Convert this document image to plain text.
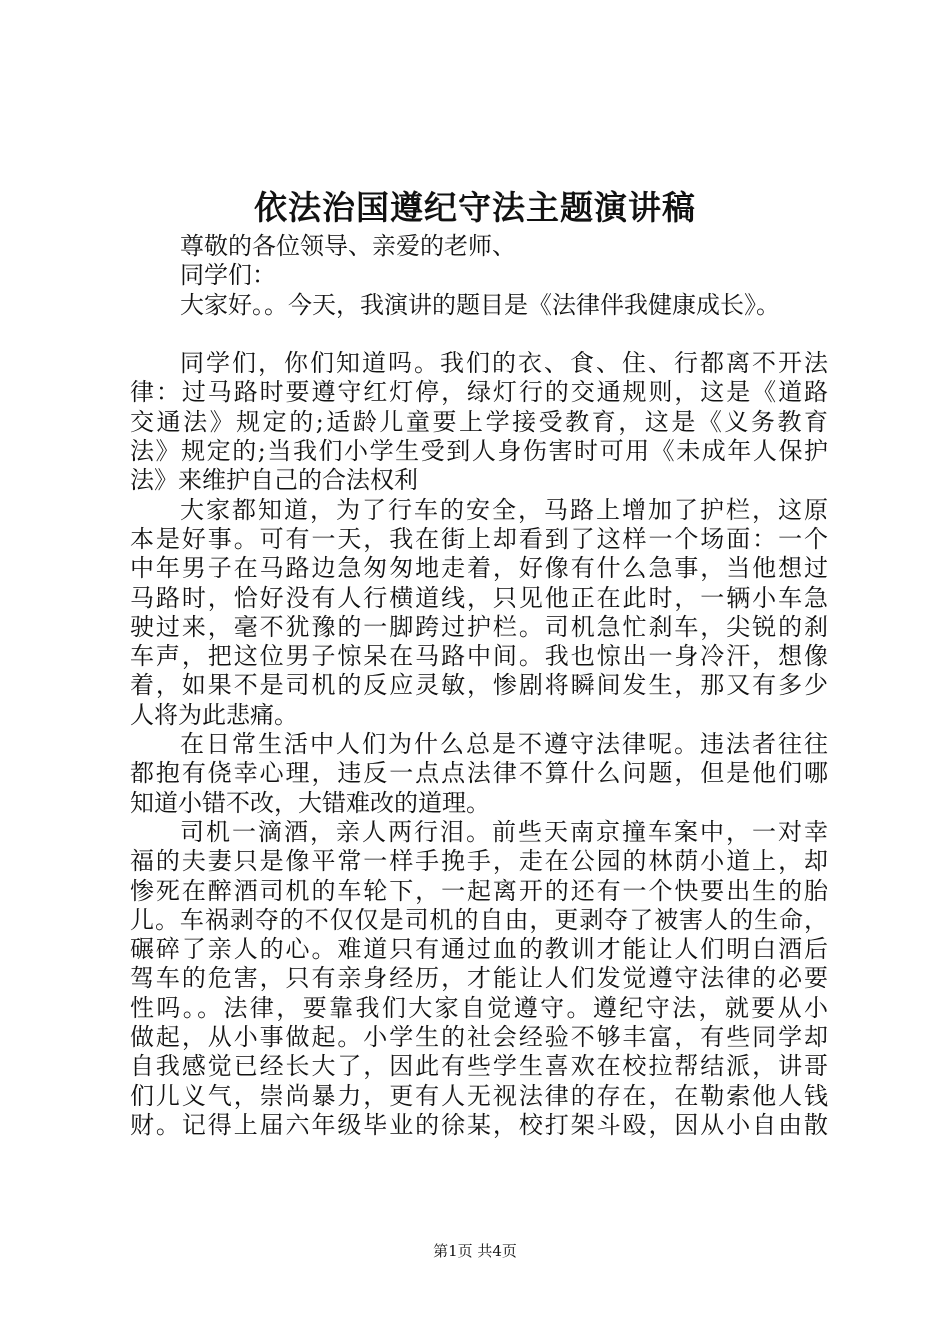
依法治国遵纪守法主题演讲稿
尊敬的各位领导、亲爱的老师、
同学们：
大家好。。今天，我演讲的题目是《法律伴我健康成长》。
同学们，你们知道吗。我们的衣、食、住、行都离不开法
律：过马路时要遵守红灯停，绿灯行的交通规则，这是《道路
交通法》规定的;适龄儿童要上学接受教育，这是《义务教育
法》规定的;当我们小学生受到人身伤害时可用《未成年人保护
法》来维护自己的合法权利
大家都知道，为了行车的安全，马路上增加了护栏，这原
本是好事。可有一天，我在街上却看到了这样一个场面：一个
中年男子在马路边急匆匆地走着，好像有什么急事，当他想过
马路时，恰好没有人行横道线，只见他正在此时，一辆小车急
驶过来，毫不犹豫的一脚跨过护栏。司机急忙刹车，尖锐的刹
车声，把这位男子惊呆在马路中间。我也惊出一身冷汗，想像
着，如果不是司机的反应灵敏，惨剧将瞬间发生，那又有多少
人将为此悲痛。
在日常生活中人们为什么总是不遵守法律呢。违法者往往
都抱有侥幸心理，违反一点点法律不算什么问题，但是他们哪
知道小错不改，大错难改的道理。
司机一滴酒，亲人两行泪。前些天南京撞车案中，一对幸
福的夫妻只是像平常一样手挽手，走在公园的林荫小道上，却
惨死在醉酒司机的车轮下，一起离开的还有一个快要出生的胎
儿。车祸剥夺的不仅仅是司机的自由，更剥夺了被害人的生命，
碾碎了亲人的心。难道只有通过血的教训才能让人们明白酒后
驾车的危害，只有亲身经历，才能让人们发觉遵守法律的必要
性吗。。法律，要靠我们大家自觉遵守。遵纪守法，就要从小
做起，从小事做起。小学生的社会经验不够丰富，有些同学却
自我感觉已经长大了，因此有些学生喜欢在校拉帮结派，讲哥
们儿义气，崇尚暴力，更有人无视法律的存在，在勒索他人钱
财。记得上届六年级毕业的徐某，校打架斗殴，因从小自由散
第1页 共4页
